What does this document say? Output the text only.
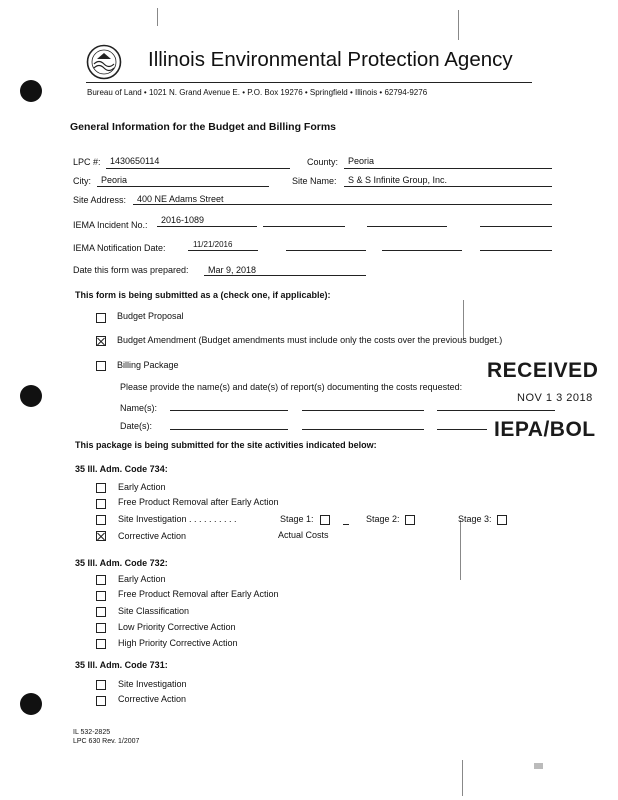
Illinois Environmental Protection Agency
Bureau of Land • 1021 N. Grand Avenue E. • P.O. Box 19276 • Springfield • Illinois • 62794-9276
General Information for the Budget and Billing Forms
LPC #: 1430650114	County: Peoria
City: Peoria	Site Name: S & S Infinite Group, Inc.
Site Address: 400 NE Adams Street
IEMA Incident No.: 2016-1089
IEMA Notification Date:	11/21/2016
Date this form was prepared: Mar 9, 2018
This form is being submitted as a (check one, if applicable):
Budget Proposal
Budget Amendment (Budget amendments must include only the costs over the previous budget.)
Billing Package
Please provide the name(s) and date(s) of report(s) documenting the costs requested:
Name(s):
Date(s):
RECEIVED
NOV 1 3 2018
IEPA/BOL
This package is being submitted for the site activities indicated below:
35 Ill. Adm. Code 734:
Early Action
Free Product Removal after Early Action
Site Investigation . . . . . . . . . .	Stage 1:	Stage 2:	Stage 3:
Corrective Action	Actual Costs
35 Ill. Adm. Code 732:
Early Action
Free Product Removal after Early Action
Site Classification
Low Priority Corrective Action
High Priority Corrective Action
35 Ill. Adm. Code 731:
Site Investigation
Corrective Action
IL 532-2825
LPC 630 Rev. 1/2007
